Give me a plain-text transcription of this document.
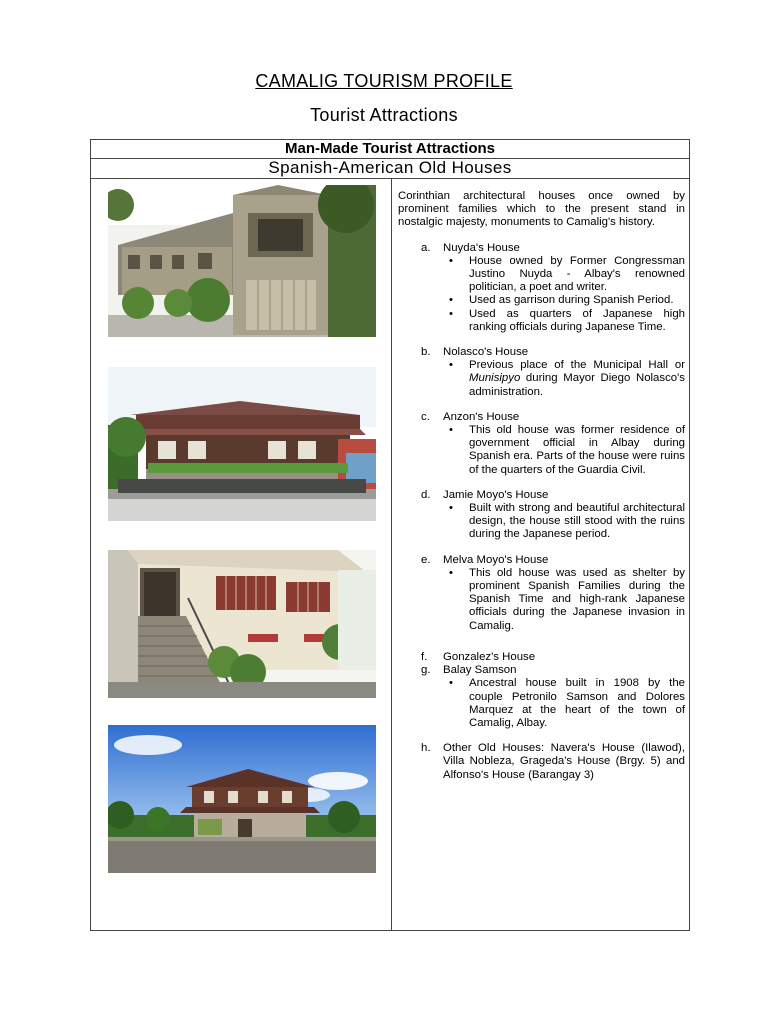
CAMALIG TOURISM PROFILE
Tourist Attractions
Man-Made Tourist Attractions
Spanish-American Old Houses

Corinthian architectural houses once owned by prominent families which to the present stand in nostalgic majesty, monuments to Camalig's history.

a. Nuyda's House
• House owned by Former Congressman Justino Nuyda - Albay's renowned politician, a poet and writer.
• Used as garrison during Spanish Period.
• Used as quarters of Japanese high ranking officials during Japanese Time.
b. Nolasco's House
• Previous place of the Municipal Hall or Munisipyo during Mayor Diego Nolasco's administration.
c. Anzon's House
• This old house was former residence of government official in Albay during Spanish era. Parts of the house were ruins of the quarters of the Guardia Civil.
d. Jamie Moyo's House
• Built with strong and beautiful architectural design, the house still stood with the ruins during the Japanese period.
e. Melva Moyo's House
• This old house was used as shelter by prominent Spanish Families during the Spanish Time and high-rank Japanese officials during the Japanese invasion in Camalig.
f. Gonzalez's House
g. Balay Samson
• Ancestral house built in 1908 by the couple Petronilo Samson and Dolores Marquez at the heart of the town of Camalig, Albay.
h. Other Old Houses: Navera's House (Ilawod), Villa Nobleza, Grageda's House (Brgy. 5) and Alfonso's House (Barangay 3)
